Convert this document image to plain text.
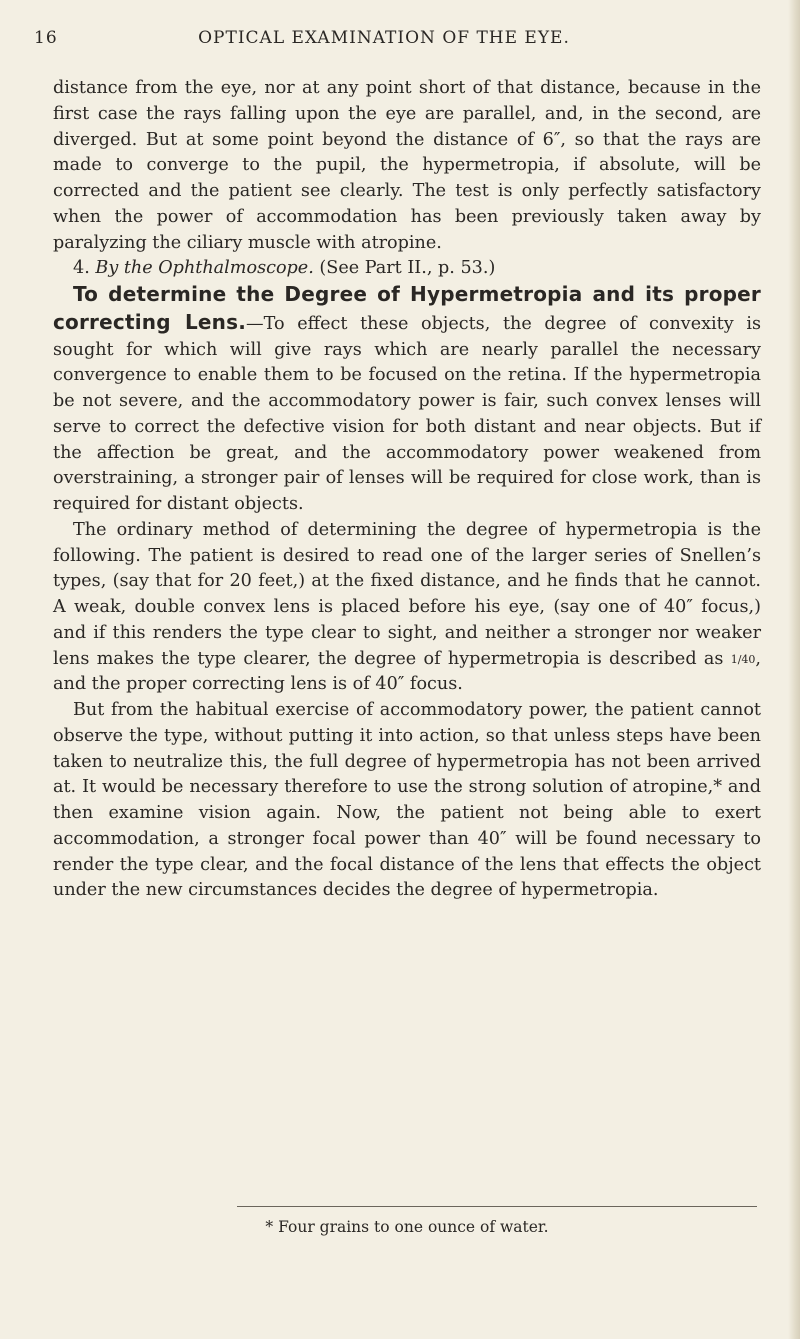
16	OPTICAL EXAMINATION OF THE EYE.

distance from the eye, nor at any point short of that distance, because in the first case the rays falling upon the eye are parallel, and, in the second, are diverged. But at some point beyond the distance of 6″, so that the rays are made to converge to the pupil, the hypermetropia, if absolute, will be corrected and the patient see clearly. The test is only perfectly satisfactory when the power of accommodation has been previously taken away by paralyzing the ciliary muscle with atropine.

4. By the Ophthalmoscope. (See Part II., p. 53.)

To determine the Degree of Hypermetropia and its proper correcting Lens.—To effect these objects, the degree of convexity is sought for which will give rays which are nearly parallel the necessary convergence to enable them to be focused on the retina. If the hypermetropia be not severe, and the accommodatory power is fair, such convex lenses will serve to correct the defective vision for both distant and near objects. But if the affection be great, and the accommodatory power weakened from overstraining, a stronger pair of lenses will be required for close work, than is required for distant objects.

The ordinary method of determining the degree of hypermetropia is the following. The patient is desired to read one of the larger series of Snellen’s types, (say that for 20 feet,) at the fixed distance, and he finds that he cannot. A weak, double convex lens is placed before his eye, (say one of 40″ focus,) and if this renders the type clear to sight, and neither a stronger nor weaker lens makes the type clearer, the degree of hypermetropia is described as 1/40, and the proper correcting lens is of 40″ focus.

But from the habitual exercise of accommodatory power, the patient cannot observe the type, without putting it into action, so that unless steps have been taken to neutralize this, the full degree of hypermetropia has not been arrived at. It would be necessary therefore to use the strong solution of atropine,* and then examine vision again. Now, the patient not being able to exert accommodation, a stronger focal power than 40″ will be found necessary to render the type clear, and the focal distance of the lens that effects the object under the new circumstances decides the degree of hypermetropia.

* Four grains to one ounce of water.
